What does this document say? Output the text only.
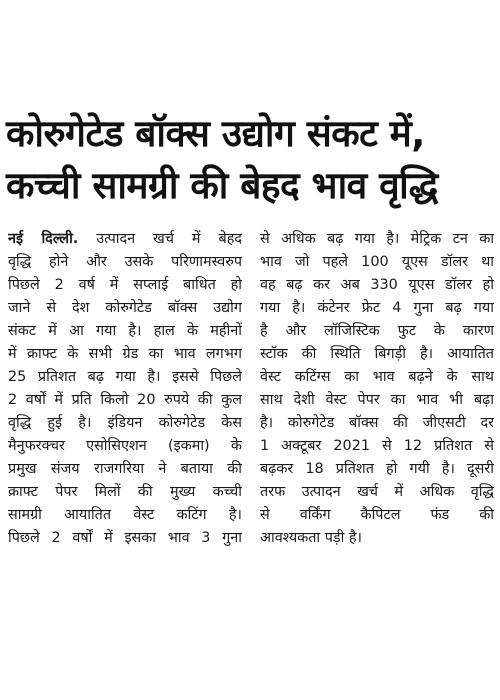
कोरुगेटेड बॉक्स उद्योग संकट में,
कच्ची सामग्री की बेहद भाव वृद्धि
नई दिल्ली. उत्पादन खर्च में बेहद
वृद्धि होने और उसके परिणामस्वरुप
पिछले 2 वर्ष में सप्लाई बाधित हो
जाने से देश कोरुगेटेड बॉक्स उद्योग
संकट में आ गया है। हाल के महीनों
में क्राफ्ट के सभी ग्रेड का भाव लगभग
25 प्रतिशत बढ़ गया है। इससे पिछले
2 वर्षों में प्रति किलो 20 रुपये की कुल
वृद्धि हुई है। इंडियन कोरुगेटेड केस
मैनुफरक्चर एसोसिएशन (इकमा) के
प्रमुख संजय राजगरिया ने बताया की
क्राफ्ट पेपर मिलों की मुख्य कच्ची
सामग्री आयातित वेस्ट कटिंग है।
पिछले 2 वर्षों में इसका भाव 3 गुना
से अधिक बढ़ गया है। मेट्रिक टन का
भाव जो पहले 100 यूएस डॉलर था
वह बढ़ कर अब 330 यूएस डॉलर हो
गया है। कंटेनर फ्रेट 4 गुना बढ़ गया
है और लॉजिस्टिक फुट के कारण
स्टॉक की स्थिति बिगड़ी है। आयातित
वेस्ट कटिंग्स का भाव बढ़ने के साथ
साथ देशी वेस्ट पेपर का भाव भी बढ़ा
है। कोरुगेटेड बॉक्स की जीएसटी दर
1 अक्टूबर 2021 से 12 प्रतिशत से
बढ़कर 18 प्रतिशत हो गयी है। दूसरी
तरफ उत्पादन खर्च में अधिक वृद्धि
से वर्किंग कैपिटल फंड की
आवश्यकता पड़ी है।
